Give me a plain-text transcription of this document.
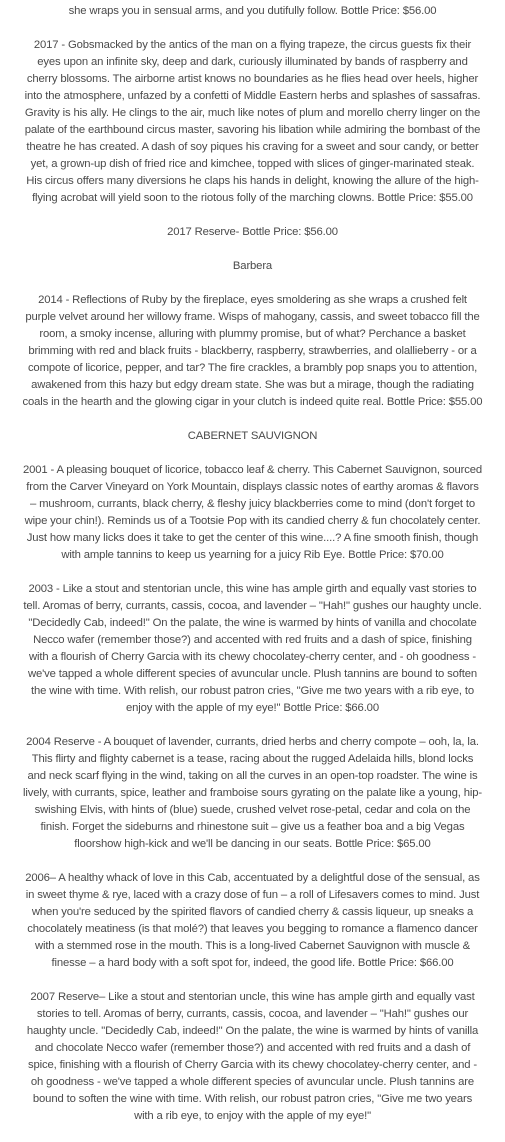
she wraps you in sensual arms, and you dutifully follow. Bottle Price: $56.00

2017 - Gobsmacked by the antics of the man on a flying trapeze, the circus guests fix their eyes upon an infinite sky, deep and dark, curiously illuminated by bands of raspberry and cherry blossoms. The airborne artist knows no boundaries as he flies head over heels, higher into the atmosphere, unfazed by a confetti of Middle Eastern herbs and splashes of sassafras. Gravity is his ally. He clings to the air, much like notes of plum and morello cherry linger on the palate of the earthbound circus master, savoring his libation while admiring the bombast of the theatre he has created. A dash of soy piques his craving for a sweet and sour candy, or better yet, a grown-up dish of fried rice and kimchee, topped with slices of ginger-marinated steak. His circus offers many diversions he claps his hands in delight, knowing the allure of the high-flying acrobat will yield soon to the riotous folly of the marching clowns. Bottle Price: $55.00

2017 Reserve- Bottle Price: $56.00

Barbera

2014 - Reflections of Ruby by the fireplace, eyes smoldering as she wraps a crushed felt purple velvet around her willowy frame. Wisps of mahogany, cassis, and sweet tobacco fill the room, a smoky incense, alluring with plummy promise, but of what? Perchance a basket brimming with red and black fruits - blackberry, raspberry, strawberries, and olallieberry - or a compote of licorice, pepper, and tar? The fire crackles, a brambly pop snaps you to attention, awakened from this hazy but edgy dream state. She was but a mirage, though the radiating coals in the hearth and the glowing cigar in your clutch is indeed quite real. Bottle Price: $55.00

CABERNET SAUVIGNON

2001 - A pleasing bouquet of licorice, tobacco leaf & cherry. This Cabernet Sauvignon, sourced from the Carver Vineyard on York Mountain, displays classic notes of earthy aromas & flavors – mushroom, currants, black cherry, & fleshy juicy blackberries come to mind (don't forget to wipe your chin!). Reminds us of a Tootsie Pop with its candied cherry & fun chocolately center. Just how many licks does it take to get the center of this wine....? A fine smooth finish, though with ample tannins to keep us yearning for a juicy Rib Eye. Bottle Price: $70.00

2003 - Like a stout and stentorian uncle, this wine has ample girth and equally vast stories to tell. Aromas of berry, currants, cassis, cocoa, and lavender – "Hah!" gushes our haughty uncle. "Decidedly Cab, indeed!" On the palate, the wine is warmed by hints of vanilla and chocolate Necco wafer (remember those?) and accented with red fruits and a dash of spice, finishing with a flourish of Cherry Garcia with its chewy chocolatey-cherry center, and - oh goodness - we've tapped a whole different species of avuncular uncle. Plush tannins are bound to soften the wine with time. With relish, our robust patron cries, "Give me two years with a rib eye, to enjoy with the apple of my eye!" Bottle Price: $66.00

2004 Reserve - A bouquet of lavender, currants, dried herbs and cherry compote – ooh, la, la. This flirty and flighty cabernet is a tease, racing about the rugged Adelaida hills, blond locks and neck scarf flying in the wind, taking on all the curves in an open-top roadster. The wine is lively, with currants, spice, leather and framboise sours gyrating on the palate like a young, hip-swishing Elvis, with hints of (blue) suede, crushed velvet rose-petal, cedar and cola on the finish. Forget the sideburns and rhinestone suit – give us a feather boa and a big Vegas floorshow high-kick and we'll be dancing in our seats. Bottle Price: $65.00

2006– A healthy whack of love in this Cab, accentuated by a delightful dose of the sensual, as in sweet thyme & rye, laced with a crazy dose of fun – a roll of Lifesavers comes to mind. Just when you're seduced by the spirited flavors of candied cherry & cassis liqueur, up sneaks a chocolately meatiness (is that molé?) that leaves you begging to romance a flamenco dancer with a stemmed rose in the mouth. This is a long-lived Cabernet Sauvignon with muscle & finesse – a hard body with a soft spot for, indeed, the good life. Bottle Price: $66.00

2007 Reserve– Like a stout and stentorian uncle, this wine has ample girth and equally vast stories to tell. Aromas of berry, currants, cassis, cocoa, and lavender – "Hah!" gushes our haughty uncle. "Decidedly Cab, indeed!" On the palate, the wine is warmed by hints of vanilla and chocolate Necco wafer (remember those?) and accented with red fruits and a dash of spice, finishing with a flourish of Cherry Garcia with its chewy chocolatey-cherry center, and - oh goodness - we've tapped a whole different species of avuncular uncle. Plush tannins are bound to soften the wine with time. With relish, our robust patron cries, "Give me two years with a rib eye, to enjoy with the apple of my eye!"
